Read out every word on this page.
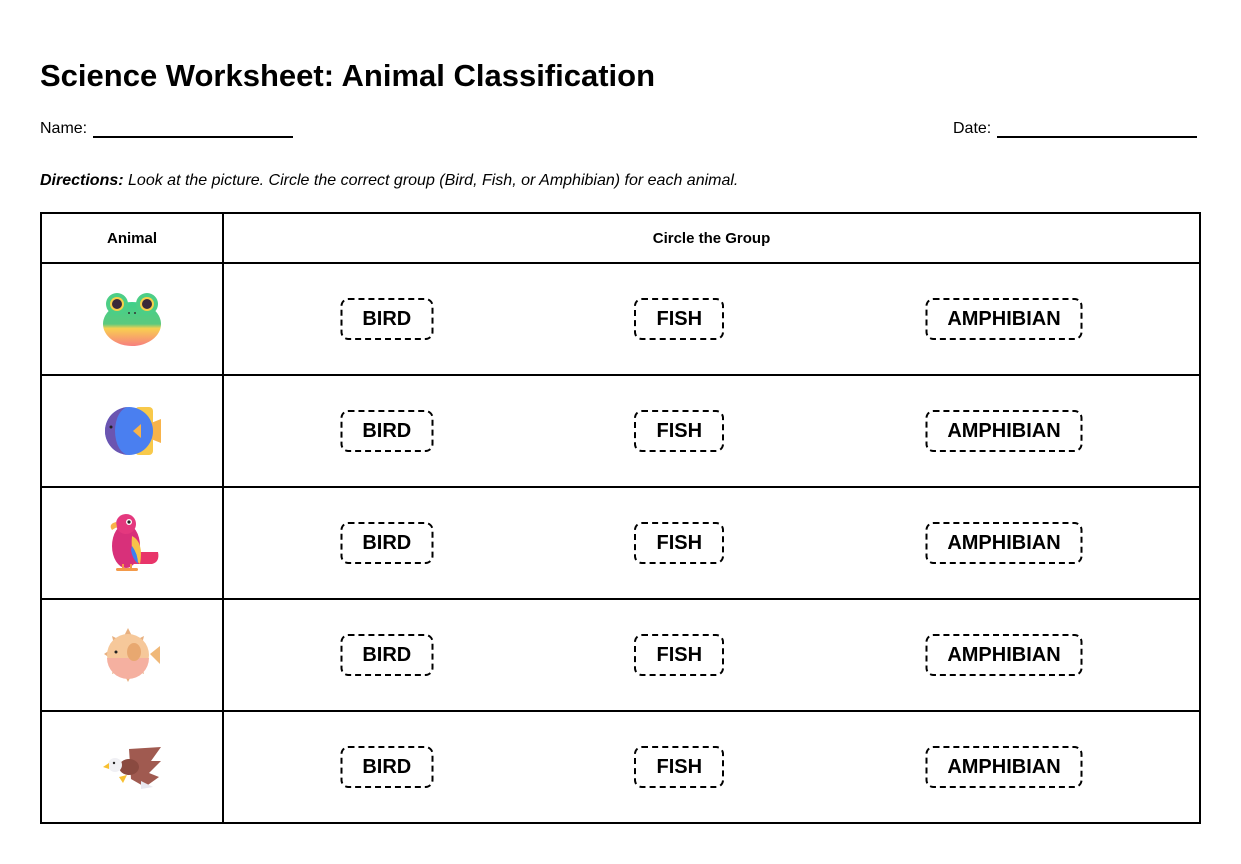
Science Worksheet: Animal Classification
Name:	Date:
Directions: Look at the picture. Circle the correct group (Bird, Fish, or Amphibian) for each animal.
Animal	Circle the Group

BIRD FISH AMPHIBIAN

BIRD FISH AMPHIBIAN

BIRD FISH AMPHIBIAN

BIRD FISH AMPHIBIAN

BIRD FISH AMPHIBIAN
